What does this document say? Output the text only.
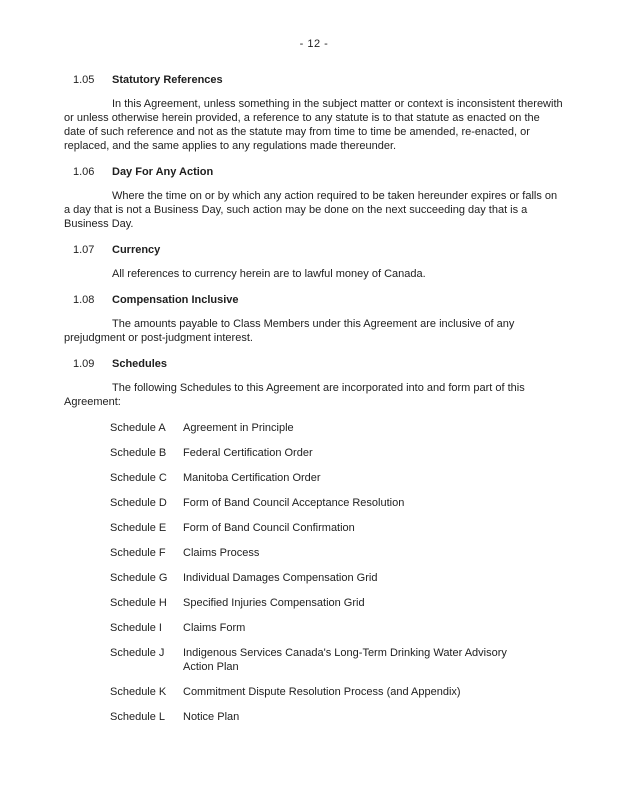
- 12 -
1.05	Statutory References

In this Agreement, unless something in the subject matter or context is inconsistent therewith or unless otherwise herein provided, a reference to any statute is to that statute as enacted on the date of such reference and not as the statute may from time to time be amended, re-enacted, or replaced, and the same applies to any regulations made thereunder.

1.06	Day For Any Action

Where the time on or by which any action required to be taken hereunder expires or falls on a day that is not a Business Day, such action may be done on the next succeeding day that is a Business Day.

1.07	Currency

All references to currency herein are to lawful money of Canada.

1.08	Compensation Inclusive

The amounts payable to Class Members under this Agreement are inclusive of any prejudgment or post-judgment interest.

1.09	Schedules

The following Schedules to this Agreement are incorporated into and form part of this Agreement:

Schedule A	Agreement in Principle
Schedule B	Federal Certification Order
Schedule C	Manitoba Certification Order
Schedule D	Form of Band Council Acceptance Resolution
Schedule E	Form of Band Council Confirmation
Schedule F	Claims Process
Schedule G	Individual Damages Compensation Grid
Schedule H	Specified Injuries Compensation Grid
Schedule I	Claims Form
Schedule J	Indigenous Services Canada's Long-Term Drinking Water Advisory Action Plan
Schedule K	Commitment Dispute Resolution Process (and Appendix)
Schedule L	Notice Plan
